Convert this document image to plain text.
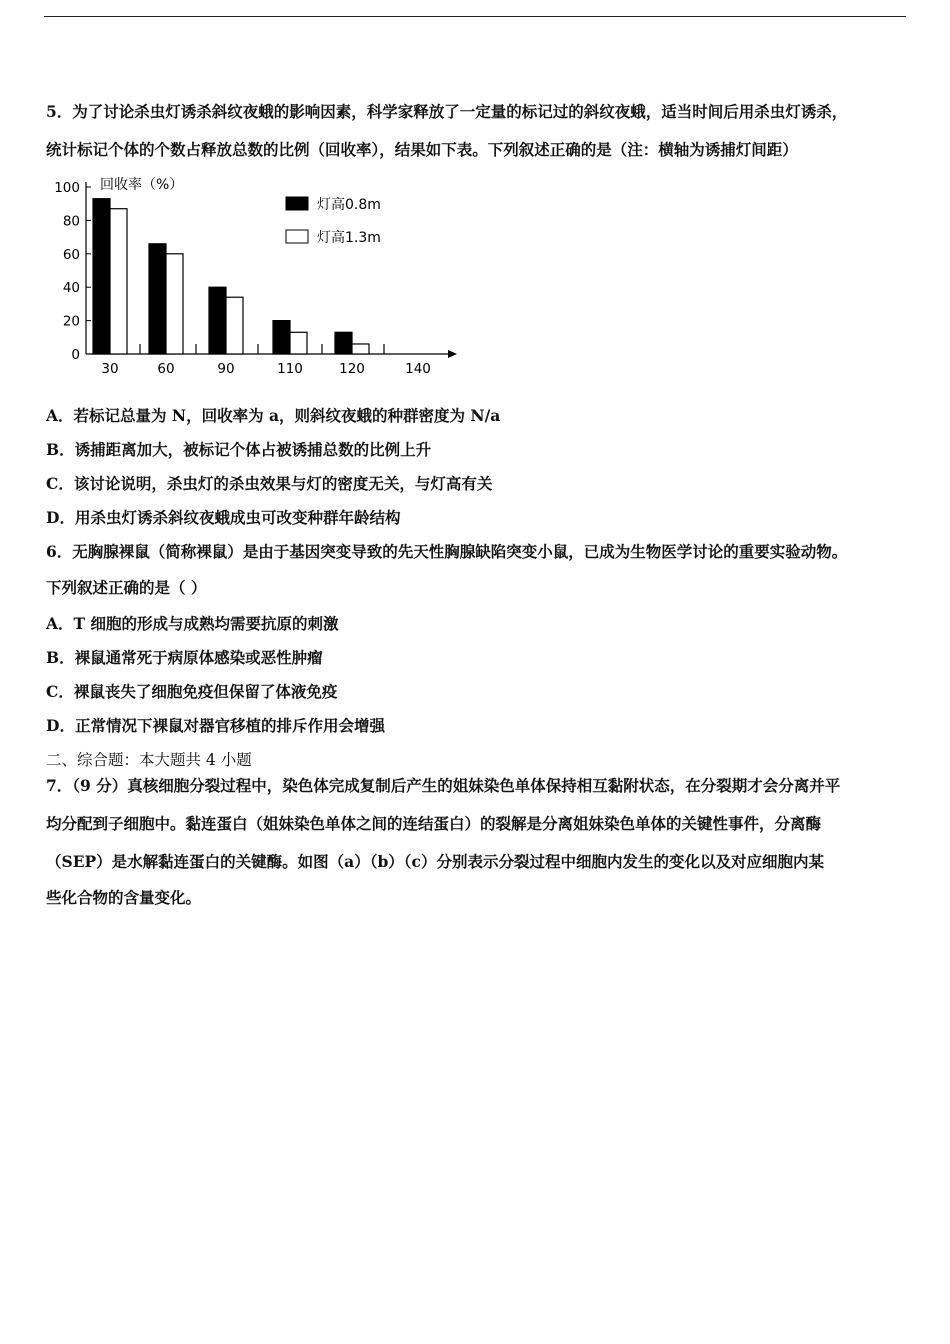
5．为了讨论杀虫灯诱杀斜纹夜蛾的影响因素，科学家释放了一定量的标记过的斜纹夜蛾，适当时间后用杀虫灯诱杀，
统计标记个体的个数占释放总数的比例（回收率），结果如下表。下列叙述正确的是（注：横轴为诱捕灯间距）
0
20
40
60
80
100 回收率（%）
30	60	90	110	120	140
灯高0.8m
灯高1.3m
A．若标记总量为 N，回收率为 a，则斜纹夜蛾的种群密度为 N/a
B．诱捕距离加大，被标记个体占被诱捕总数的比例上升
C．该讨论说明，杀虫灯的杀虫效果与灯的密度无关，与灯高有关
D．用杀虫灯诱杀斜纹夜蛾成虫可改变种群年龄结构
6．无胸腺裸鼠（简称裸鼠）是由于基因突变导致的先天性胸腺缺陷突变小鼠，已成为生物医学讨论的重要实验动物。
下列叙述正确的是（ ）
A．T 细胞的形成与成熟均需要抗原的刺激
B．裸鼠通常死于病原体感染或恶性肿瘤
C．裸鼠丧失了细胞免疫但保留了体液免疫
D．正常情况下裸鼠对器官移植的排斥作用会增强
二、综合题：本大题共 4 小题
7．（9 分）真核细胞分裂过程中，染色体完成复制后产生的姐妹染色单体保持相互黏附状态，在分裂期才会分离并平
均分配到子细胞中。黏连蛋白（姐妹染色单体之间的连结蛋白）的裂解是分离姐妹染色单体的关键性事件，分离酶
（SEP）是水解黏连蛋白的关键酶。如图（a）（b）（c）分别表示分裂过程中细胞内发生的变化以及对应细胞内某
些化合物的含量变化。
